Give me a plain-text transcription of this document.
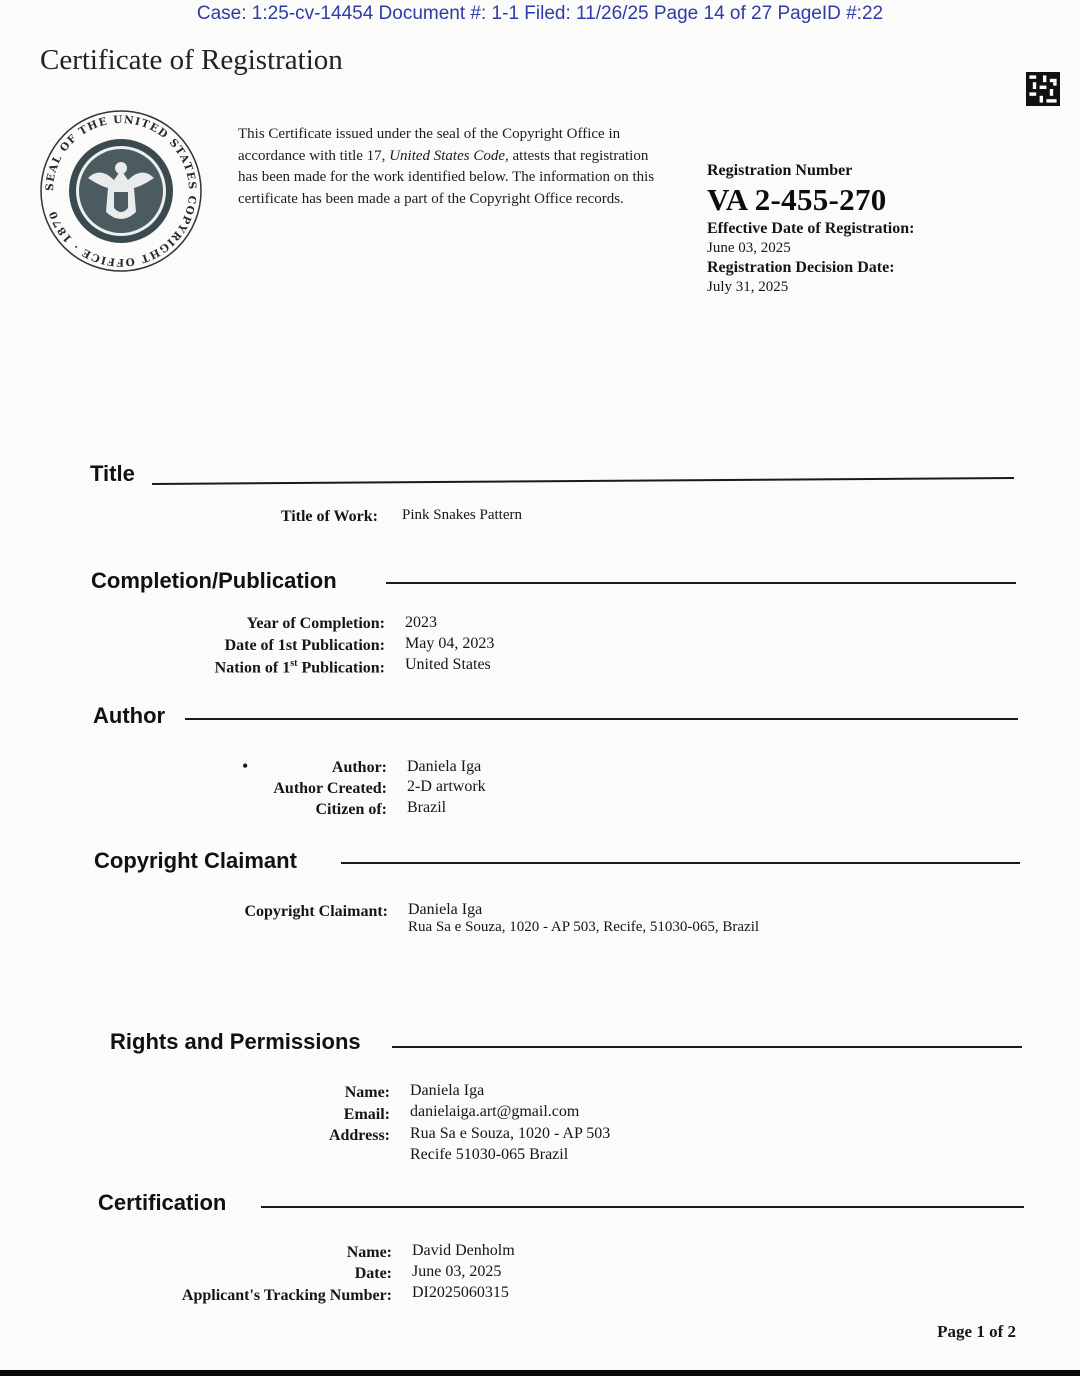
Case: 1:25-cv-14454 Document #: 1-1 Filed: 11/26/25 Page 14 of 27 PageID #:22
Certificate of Registration
SEAL OF THE UNITED STATES COPYRIGHT OFFICE · 1870
This Certificate issued under the seal of the Copyright Office in accordance with title 17, United States Code, attests that registration has been made for the work identified below. The information on this certificate has been made a part of the Copyright Office records.
Registration Number
VA 2-455-270
Effective Date of Registration:
June 03, 2025
Registration Decision Date:
July 31, 2025
Title
Title of Work: Pink Snakes Pattern
Completion/Publication
Year of Completion: 2023
Date of 1st Publication: May 04, 2023
Nation of 1st Publication: United States
Author
•	Author: Daniela Iga
Author Created: 2-D artwork
Citizen of: Brazil
Copyright Claimant
Copyright Claimant: Daniela Iga
Rua Sa e Souza, 1020 - AP 503, Recife, 51030-065, Brazil
Rights and Permissions
Name: Daniela Iga
Email: danielaiga.art@gmail.com
Address: Rua Sa e Souza, 1020 - AP 503
Recife 51030-065 Brazil
Certification
Name: David Denholm
Date: June 03, 2025
Applicant's Tracking Number: DI2025060315
Page 1 of 2
